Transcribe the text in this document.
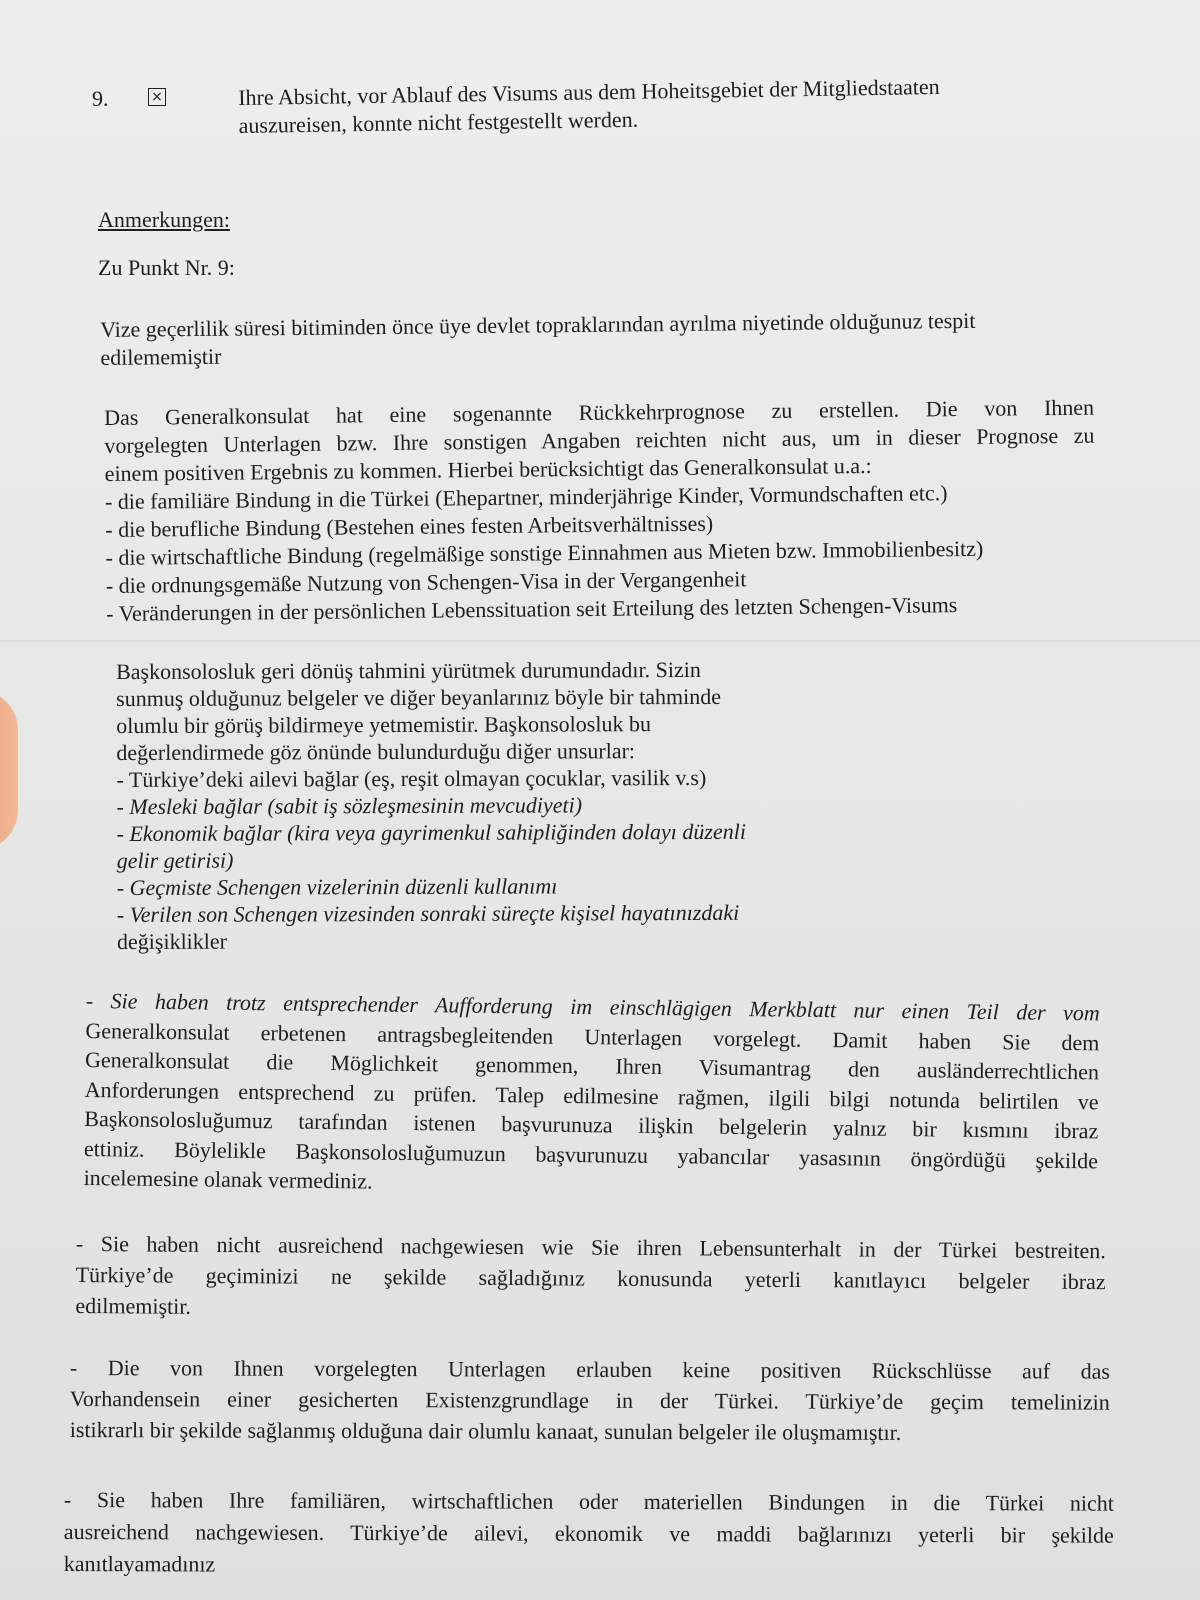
9.	×	Ihre Absicht, vor Ablauf des Visums aus dem Hoheitsgebiet der Mitgliedstaaten

auszureisen, konnte nicht festgestellt werden.

Anmerkungen:

Zu Punkt Nr. 9:

Vize geçerlilik süresi bitiminden önce üye devlet topraklarından ayrılma niyetinde olduğunuz tespit

edilememiştir

Das Generalkonsulat hat eine sogenannte Rückkehrprognose zu erstellen. Die von Ihnen

vorgelegten Unterlagen bzw. Ihre sonstigen Angaben reichten nicht aus, um in dieser Prognose zu

einem positiven Ergebnis zu kommen. Hierbei berücksichtigt das Generalkonsulat u.a.:

- die familiäre Bindung in die Türkei (Ehepartner, minderjährige Kinder, Vormundschaften etc.)

- die berufliche Bindung (Bestehen eines festen Arbeitsverhältnisses)

- die wirtschaftliche Bindung (regelmäßige sonstige Einnahmen aus Mieten bzw. Immobilienbesitz)

- die ordnungsgemäße Nutzung von Schengen-Visa in der Vergangenheit

- Veränderungen in der persönlichen Lebenssituation seit Erteilung des letzten Schengen-Visums

Başkonsolosluk geri dönüş tahmini yürütmek durumundadır. Sizin

sunmuş olduğunuz belgeler ve diğer beyanlarınız böyle bir tahminde

olumlu bir görüş bildirmeye yetmemistir. Başkonsolosluk bu

değerlendirmede göz önünde bulundurduğu diğer unsurlar:

- Türkiye’deki ailevi bağlar (eş, reşit olmayan çocuklar, vasilik v.s)

- Mesleki bağlar (sabit iş sözleşmesinin mevcudiyeti)

- Ekonomik bağlar (kira veya gayrimenkul sahipliğinden dolayı düzenli

gelir getirisi)

- Geçmiste Schengen vizelerinin düzenli kullanımı

- Verilen son Schengen vizesinden sonraki süreçte kişisel hayatınızdaki

değişiklikler

- Sie haben trotz entsprechender Aufforderung im einschlägigen Merkblatt nur einen Teil der vom

Generalkonsulat erbetenen antragsbegleitenden Unterlagen vorgelegt. Damit haben Sie dem

Generalkonsulat die Möglichkeit genommen, Ihren Visumantrag den ausländerrechtlichen

Anforderungen entsprechend zu prüfen. Talep edilmesine rağmen, ilgili bilgi notunda belirtilen ve

Başkonsolosluğumuz tarafından istenen başvurunuza ilişkin belgelerin yalnız bir kısmını ibraz

ettiniz. Böylelikle Başkonsolosluğumuzun başvurunuzu yabancılar yasasının öngördüğü şekilde

incelemesine olanak vermediniz.

- Sie haben nicht ausreichend nachgewiesen wie Sie ihren Lebensunterhalt in der Türkei bestreiten.

Türkiye’de geçiminizi ne şekilde sağladığınız konusunda yeterli kanıtlayıcı belgeler ibraz

edilmemiştir.

- Die von Ihnen vorgelegten Unterlagen erlauben keine positiven Rückschlüsse auf das

Vorhandensein einer gesicherten Existenzgrundlage in der Türkei. Türkiye’de geçim temelinizin

istikrarlı bir şekilde sağlanmış olduğuna dair olumlu kanaat, sunulan belgeler ile oluşmamıştır.

- Sie haben Ihre familiären, wirtschaftlichen oder materiellen Bindungen in die Türkei nicht

ausreichend nachgewiesen. Türkiye’de ailevi, ekonomik ve maddi bağlarınızı yeterli bir şekilde

kanıtlayamadınız
